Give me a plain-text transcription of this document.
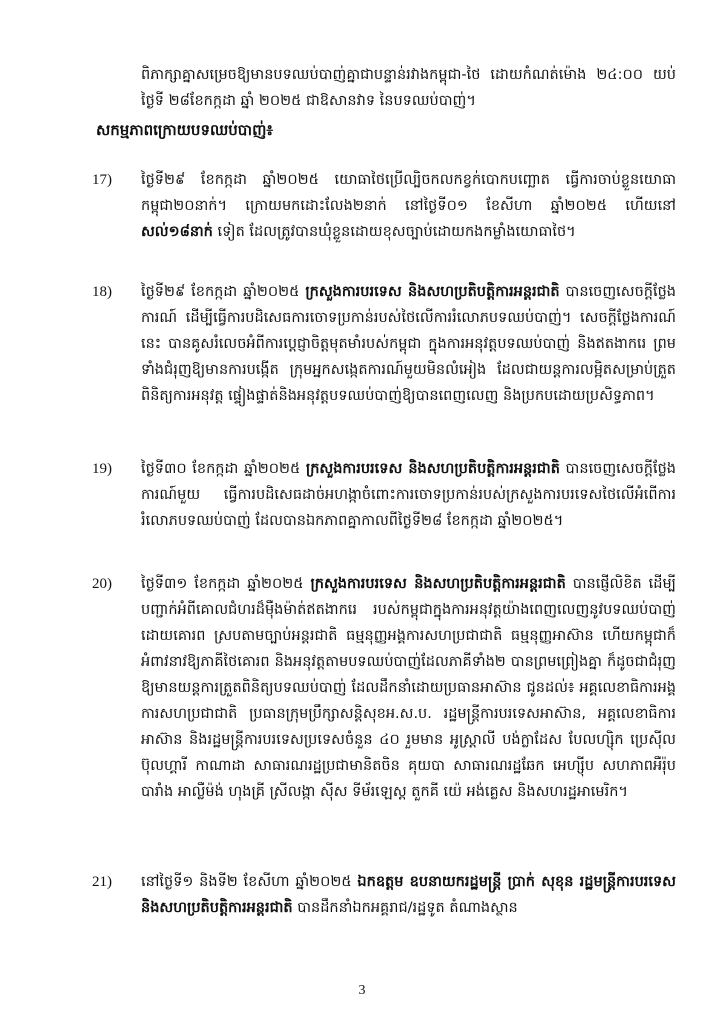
ពិភាក្សាគ្នាសម្រេចឱ្យមានបទឈប់បាញ់គ្នាជាបន្ទាន់រវាងកម្ពុជា-ថៃ ដោយកំណត់ម៉ោង ២៤:០០ យប់ ថ្ងៃទី ២៨ខែកក្កដា ឆ្នាំ ២០២៥ ជាឱសានវាទ នៃបទឈប់បាញ់។
សកម្មភាពក្រោយបទឈប់បាញ់៖
17)	ថ្ងៃទី២៩ ខែកក្កដា ឆ្នាំ២០២៥ យោធាថៃប្រើល្បិចកលកខ្វក់បោកបញ្ឆោត ធ្វើការចាប់ខ្លួនយោធាកម្ពុជា២០នាក់។ ក្រោយមកដោះលែង២នាក់ នៅថ្ងៃទី០១ ខែសីហា ឆ្នាំ២០២៥ ហើយនៅ សល់១៨នាក់ ទៀត ដែលត្រូវបានឃុំខ្លួនដោយខុសច្បាប់ដោយកងកម្លាំងយោធាថៃ។
18)	ថ្ងៃទី២៩ ខែកក្កដា ឆ្នាំ២០២៥ ក្រសួងការបរទេស និងសហប្រតិបត្តិការអន្តរជាតិ បានចេញសេចក្តីថ្លែងការណ៍ ដើម្បីធ្វើការបដិសេធការចោទប្រកាន់របស់ថៃលើការរំលោភបទឈប់បាញ់។ សេចក្តីថ្លែងការណ៍នេះ បានគូសរំលេចអំពីការប្តេជ្ញាចិត្តមុតមាំរបស់កម្ពុជា ក្នុងការអនុវត្តបទឈប់បាញ់ និងឥតងាករេ ព្រមទាំងជំរុញឱ្យមានការបង្កើត ក្រុមអ្នកសង្កេតការណ៍មួយមិនលំអៀង ដែលជាយន្តការលម្អិតសម្រាប់ត្រួតពិនិត្យការអនុវត្ត ផ្ទៀងផ្ទាត់និងអនុវត្តបទឈប់បាញ់ឱ្យបានពេញលេញ និងប្រកបដោយប្រសិទ្ធភាព។
19)	ថ្ងៃទី៣០ ខែកក្កដា ឆ្នាំ២០២៥ ក្រសួងការបរទេស និងសហប្រតិបត្តិការអន្តរជាតិ បានចេញសេចក្តីថ្លែងការណ៍មួយ ធ្វើការបដិសេធដាច់អហង្កាចំពោះការចោទប្រកាន់របស់ក្រសួងការបរទេសថៃលើអំពើការរំលោភបទឈប់បាញ់ ដែលបានឯកភាពគ្នាកាលពីថ្ងៃទី២៨ ខែកក្កដា ឆ្នាំ២០២៥។
20)	ថ្ងៃទី៣១ ខែកក្កដា ឆ្នាំ២០២៥ ក្រសួងការបរទេស និងសហប្រតិបត្តិការអន្តរជាតិ បានផ្ញើលិខិត ដើម្បីបញ្ជាក់អំពីគោលជំហរដ៏មុឺងម៉ាត់ឥតងាករេ របស់កម្ពុជាក្នុងការអនុវត្តយ៉ាងពេញលេញនូវបទឈប់បាញ់ ដោយគោរព ស្របតាមច្បាប់អន្តរជាតិ ធម្មនុញ្ញអង្គការសហប្រជាជាតិ ធម្មនុញ្ញអាស៊ាន ហើយកម្ពុជាក៏អំពាវនាវឱ្យភាគីថៃគោរព និងអនុវត្តតាមបទឈប់បាញ់ដែលភាគីទាំង២ បានព្រមព្រៀងគ្នា ក៏ដូចជាជំរុញឱ្យមានយន្តការត្រួតពិនិត្យបទឈប់បាញ់ ដែលដឹកនាំដោយប្រធានអាស៊ាន ជូនដល់៖ អគ្គលេខាធិការអង្គការសហប្រជាជាតិ ប្រធានក្រុមប្រឹក្សាសន្តិសុខអ.ស.ប. រដ្ឋមន្ត្រីការបរទេសអាស៊ាន, អគ្គលេខាធិការអាស៊ាន និងរដ្ឋមន្ត្រីការបរទេសប្រទេសចំនួន ៤០ រួមមាន អូស្ត្រាលី បង់ក្លាដែស បែលហ្ស៊ិក ប្រេស៊ីល ប៊ុលហ្គារី កាណាដា សាធារណរដ្ឋប្រជាមានិតចិន គុយបា សាធារណរដ្ឋឆែក អេហ្ស៊ីប សហភាពអឺរ៉ុប បារាំង អាល្លឺម៉ង់ ហុងគ្រី ស្រីលង្កា ស៊ីស ទីម័រឡេស្ត តួកគី យ៉េ អង់គ្លេស និងសហរដ្ឋអាមេរិក។
21)	នៅថ្ងៃទី១ និងទី២ ខែសីហា ឆ្នាំ២០២៥ ឯកឧត្តម ឧបនាយករដ្ឋមន្ត្រី ប្រាក់ សុខុន រដ្ឋមន្ត្រីការបរទេស និងសហប្រតិបត្តិការអន្តរជាតិ បានដឹកនាំឯកអគ្គរាជ/រដ្ឋទូត តំណាងស្ថាន
3
